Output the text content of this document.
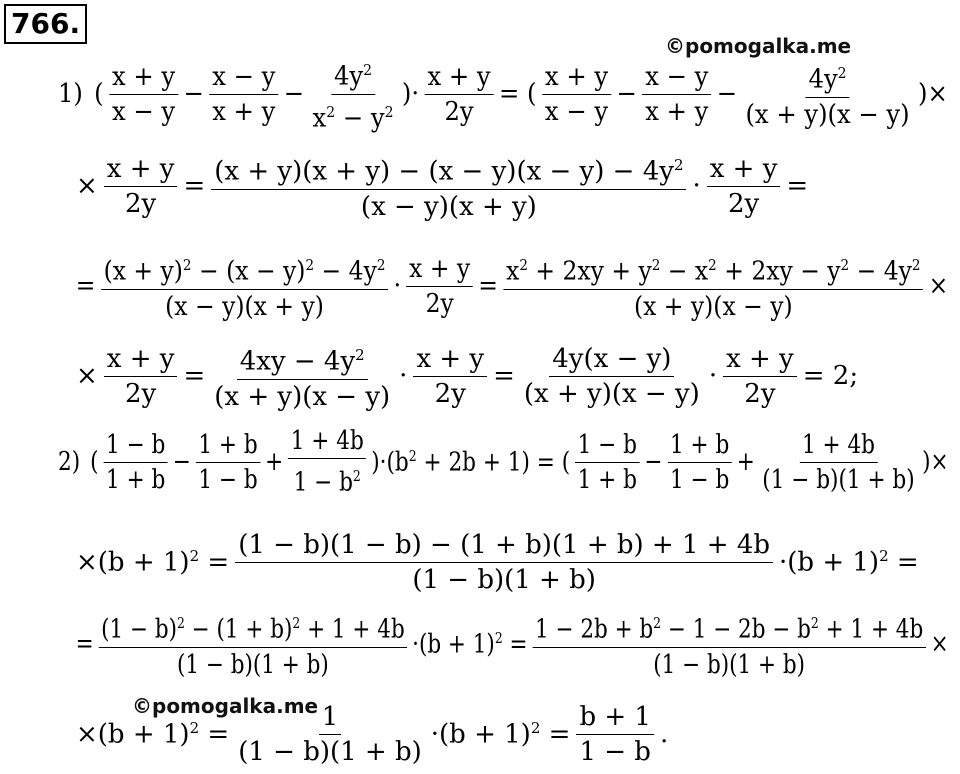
766.
©pomogalka.me
©pomogalka.me
1) ( $\frac{x + y}{x - y} - \frac{x - y}{x + y} - \frac{4y^2}{x^2 - y^2}$ )· $\frac{x + y}{2y}$ = ( $\frac{x + y}{x - y} - \frac{x - y}{x + y} - \frac{4y^2}{(x + y)(x - y)}$ )×
× $\frac{x + y}{2y} = \frac{(x + y)(x + y) - (x - y)(x - y) - 4y^2}{(x - y)(x + y)} \cdot \frac{x + y}{2y}$ =
= $\frac{(x + y)^2 - (x - y)^2 - 4y^2}{(x - y)(x + y)} \cdot \frac{x + y}{2y} = \frac{x^2 + 2xy + y^2 - x^2 + 2xy - y^2 - 4y^2}{(x + y)(x - y)}$ ×
× $\frac{x + y}{2y} = \frac{4xy - 4y^2}{(x + y)(x - y)} \cdot \frac{x + y}{2y} = \frac{4y(x - y)}{(x + y)(x - y)} \cdot \frac{x + y}{2y} = 2$;
2) ( $\frac{1 - b}{1 + b} - \frac{1 + b}{1 - b} + \frac{1 + 4b}{1 - b^2} )\cdot(b^2 + 2b + 1)$ = ( $\frac{1 - b}{1 + b} - \frac{1 + b}{1 - b} + \frac{1 + 4b}{(1 - b)(1 + b)}$ )×
$\times(b + 1)^2 = \frac{(1 - b)(1 - b) - (1 + b)(1 + b) + 1 + 4b}{(1 - b)(1 + b)} \cdot(b + 1)^2$ =
= $\frac{(1 - b)^2 - (1 + b)^2 + 1 + 4b}{(1 - b)(1 + b)} \cdot(b + 1)^2 = \frac{1 - 2b + b^2 - 1 - 2b - b^2 + 1 + 4b}{(1 - b)(1 + b)}$ ×
$\times(b + 1)^2 = \frac{1}{(1 - b)(1 + b)} \cdot(b + 1)^2 = \frac{b + 1}{1 - b}$ .
